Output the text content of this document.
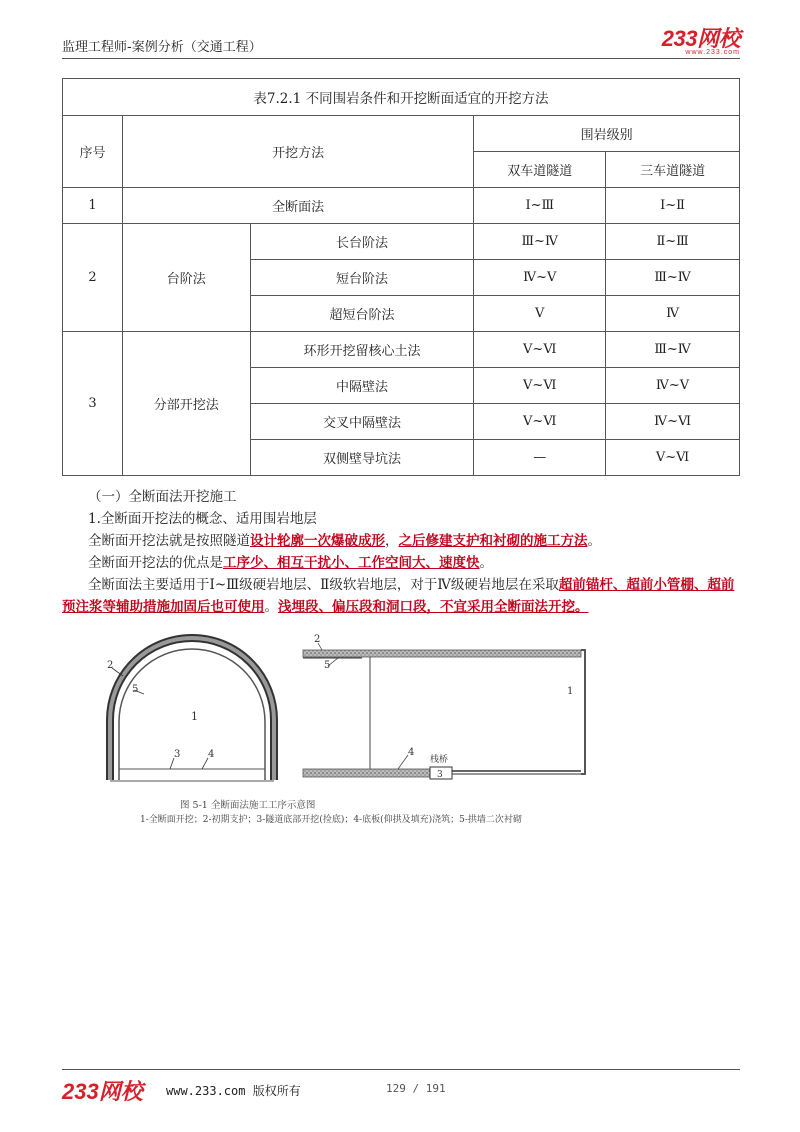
监理工程师-案例分析（交通工程）	233网校
www.233.com
表7.2.1 不同围岩条件和开挖断面适宜的开挖方法				
序号	开挖方法		围岩级别	
			双车道隧道	三车道隧道
1	全断面法		Ⅰ~Ⅲ	Ⅰ~Ⅱ
2	台阶法	长台阶法	Ⅲ~Ⅳ	Ⅱ~Ⅲ
		短台阶法	Ⅳ~Ⅴ	Ⅲ~Ⅳ
		超短台阶法	Ⅴ	Ⅳ
3	分部开挖法	环形开挖留核心土法	Ⅴ~Ⅵ	Ⅲ~Ⅳ
		中隔壁法	Ⅴ~Ⅵ	Ⅳ~Ⅴ
		交叉中隔壁法	Ⅴ~Ⅵ	Ⅳ~Ⅵ
		双侧壁导坑法	—	Ⅴ~Ⅵ

（一）全断面法开挖施工

1.全断面开挖法的概念、适用围岩地层

全断面开挖法就是按照隧道设计轮廓一次爆破成形，之后修建支护和衬砌的施工方法。

全断面开挖法的优点是工序少、相互干扰小、工作空间大、速度快。

全断面法主要适用于Ⅰ~Ⅲ级硬岩地层、Ⅱ级软岩地层，对于Ⅳ级硬岩地层在采取超前锚杆、超前小管棚、超前预注浆等辅助措施加固后也可使用。浅埋段、偏压段和洞口段，不宜采用全断面法开挖。

2
5
1
3	4
2
5
1
4
栈桥
3
图 5-1 全断面法施工工序示意图
1-全断面开挖；2-初期支护；3-隧道底部开挖(捡底)；4-底板(仰拱及填充)浇筑；5-拱墙二次衬砌
233网校 www.233.com 版权所有	129 / 191
